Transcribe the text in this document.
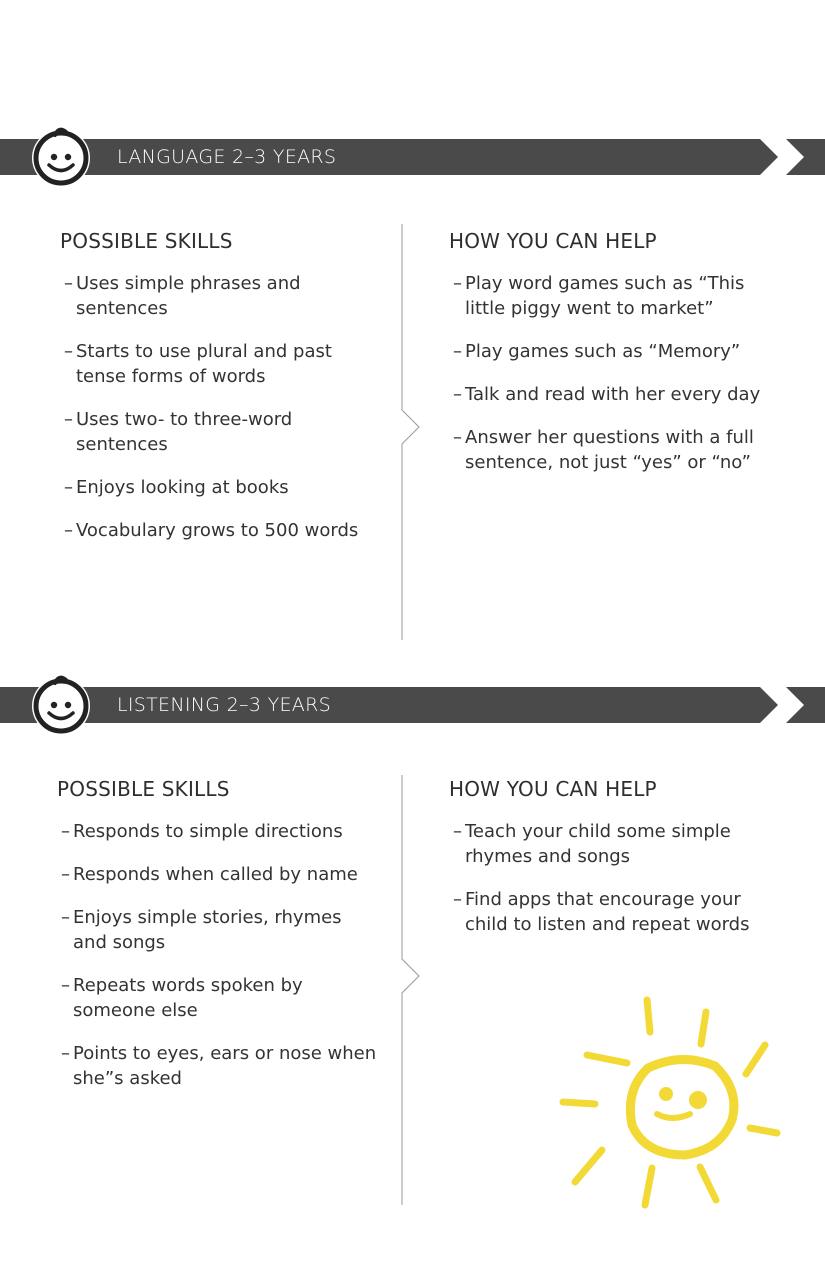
LANGUAGE 2–3 YEARS
POSSIBLE SKILLS
– Uses simple phrases and sentences
– Starts to use plural and past tense forms of words
– Uses two- to three-word sentences
– Enjoys looking at books
– Vocabulary grows to 500 words
HOW YOU CAN HELP
– Play word games such as “This little piggy went to market”
– Play games such as “Memory”
– Talk and read with her every day
– Answer her questions with a full sentence, not just “yes” or “no”
LISTENING 2–3 YEARS
POSSIBLE SKILLS
– Responds to simple directions
– Responds when called by name
– Enjoys simple stories, rhymes and songs
– Repeats words spoken by someone else
– Points to eyes, ears or nose when she”s asked
HOW YOU CAN HELP
– Teach your child some simple rhymes and songs
– Find apps that encourage your child to listen and repeat words
